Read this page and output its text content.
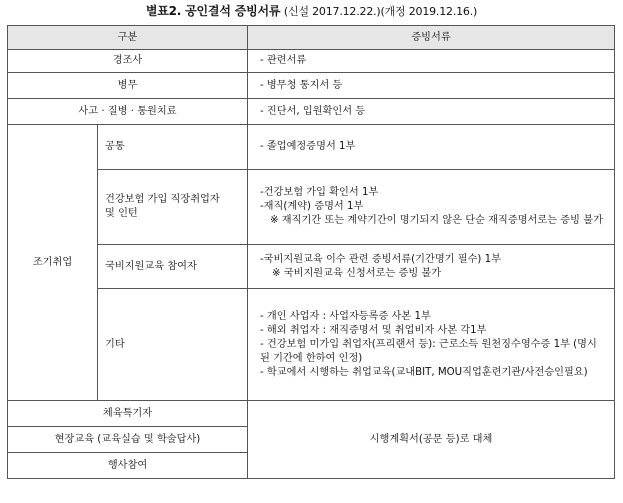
별표2. 공인결석 증빙서류 (신설 2017.12.22.)(개정 2019.12.16.)
구분		증빙서류
경조사		- 관련서류
병무		- 병무청 통지서 등
사고 · 질병 · 통원치료		- 진단서, 입원확인서 등
조기취업	공통	- 졸업예정증명서 1부

	건강보험 가입 직장취업자
및 인턴	-건강보험 가입 확인서 1부
-재직(계약) 증명서 1부
※ 재직기간 또는 계약기간이 명기되지 않은 단순 재직증명서로는 증빙 불가

	국비지원교육 참여자	-국비지원교육 이수 관련 증빙서류(기간명기 필수) 1부
※ 국비지원교육 신청서로는 증빙 불가

	기타	- 개인 사업자 : 사업자등록증 사본 1부
- 해외 취업자 : 재직증명서 및 취업비자 사본 각1부
- 건강보험 미가입 취업자(프리랜서 등): 근로소득 원천징수영수증 1부 (명시된 기간에 한하여 인정)
- 학교에서 시행하는 취업교육(교내BIT, MOU직업훈련기관/사전승인필요)

체육특기자		시행계획서(공문 등)로 대체
현장교육 (교육실습 및 학술답사)		
행사참여		
